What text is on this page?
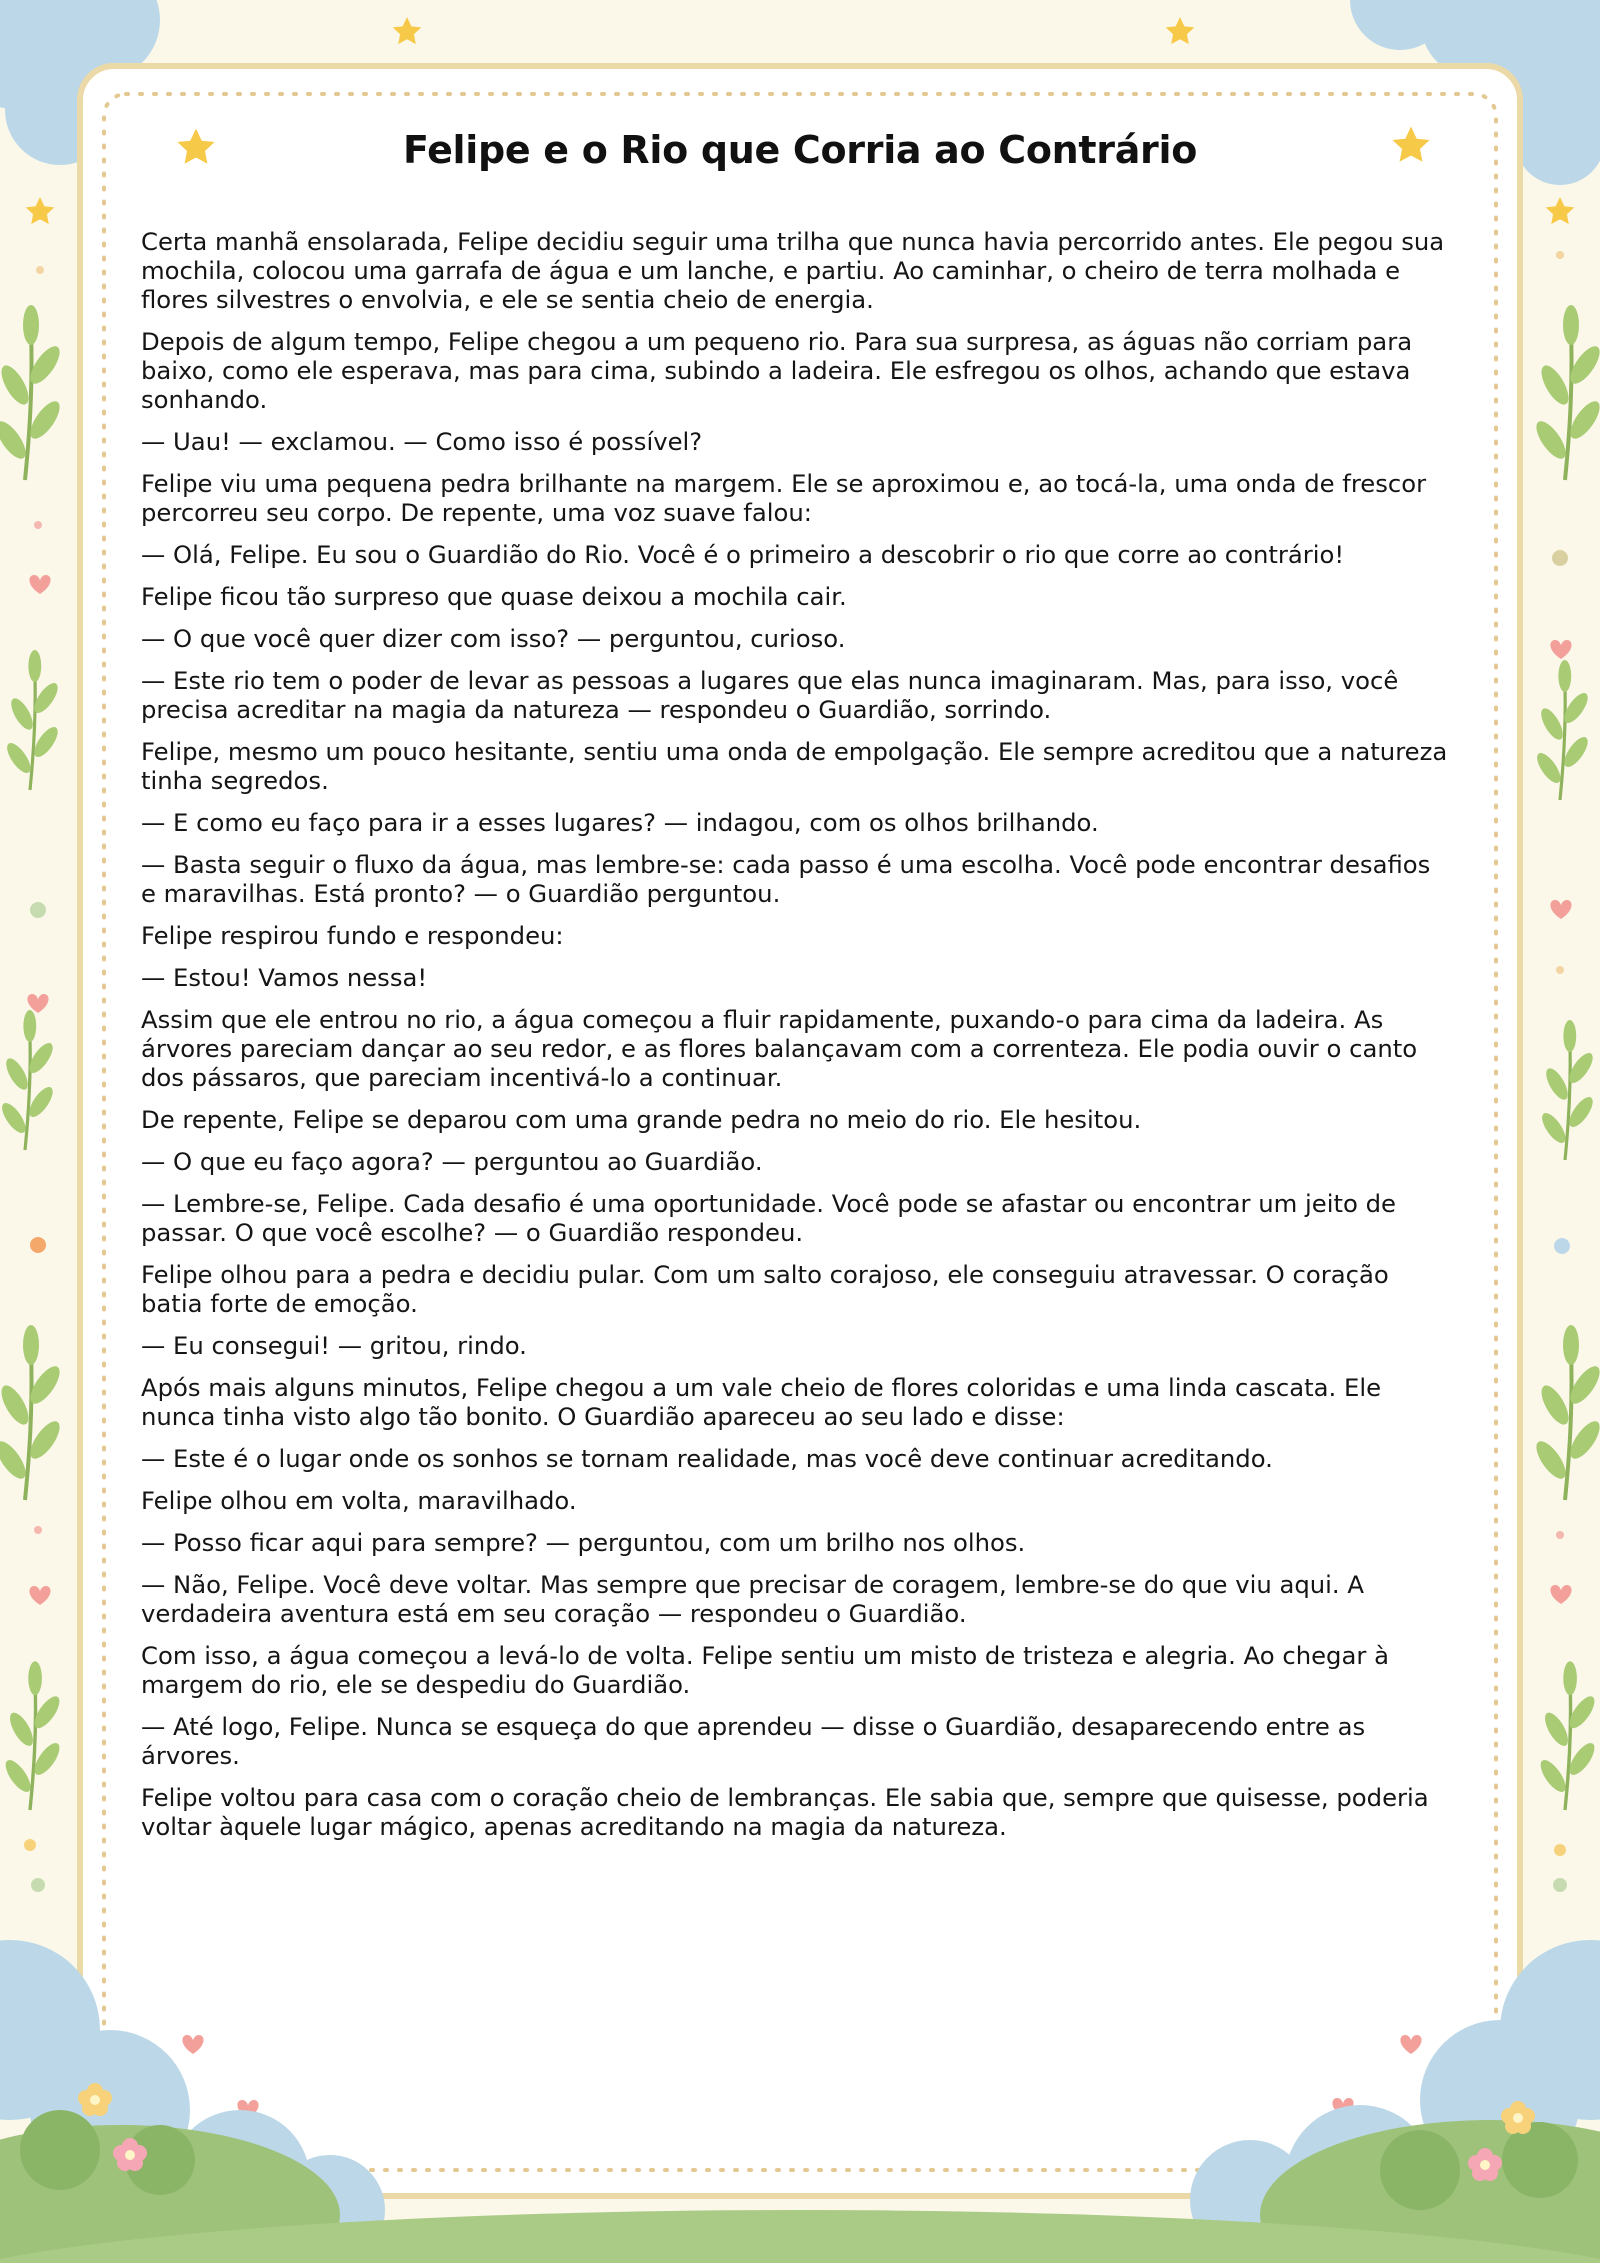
Felipe e o Rio que Corria ao Contrário

Certa manhã ensolarada, Felipe decidiu seguir uma trilha que nunca havia percorrido antes. Ele pegou sua mochila, colocou uma garrafa de água e um lanche, e partiu. Ao caminhar, o cheiro de terra molhada e flores silvestres o envolvia, e ele se sentia cheio de energia.

Depois de algum tempo, Felipe chegou a um pequeno rio. Para sua surpresa, as águas não corriam para baixo, como ele esperava, mas para cima, subindo a ladeira. Ele esfregou os olhos, achando que estava sonhando.

— Uau! — exclamou. — Como isso é possível?

Felipe viu uma pequena pedra brilhante na margem. Ele se aproximou e, ao tocá-la, uma onda de frescor percorreu seu corpo. De repente, uma voz suave falou:

— Olá, Felipe. Eu sou o Guardião do Rio. Você é o primeiro a descobrir o rio que corre ao contrário!

Felipe ficou tão surpreso que quase deixou a mochila cair.

— O que você quer dizer com isso? — perguntou, curioso.

— Este rio tem o poder de levar as pessoas a lugares que elas nunca imaginaram. Mas, para isso, você precisa acreditar na magia da natureza — respondeu o Guardião, sorrindo.

Felipe, mesmo um pouco hesitante, sentiu uma onda de empolgação. Ele sempre acreditou que a natureza tinha segredos.

— E como eu faço para ir a esses lugares? — indagou, com os olhos brilhando.

— Basta seguir o fluxo da água, mas lembre-se: cada passo é uma escolha. Você pode encontrar desafios e maravilhas. Está pronto? — o Guardião perguntou.

Felipe respirou fundo e respondeu:

— Estou! Vamos nessa!

Assim que ele entrou no rio, a água começou a fluir rapidamente, puxando-o para cima da ladeira. As árvores pareciam dançar ao seu redor, e as flores balançavam com a correnteza. Ele podia ouvir o canto dos pássaros, que pareciam incentivá-lo a continuar.

De repente, Felipe se deparou com uma grande pedra no meio do rio. Ele hesitou.

— O que eu faço agora? — perguntou ao Guardião.

— Lembre-se, Felipe. Cada desafio é uma oportunidade. Você pode se afastar ou encontrar um jeito de passar. O que você escolhe? — o Guardião respondeu.

Felipe olhou para a pedra e decidiu pular. Com um salto corajoso, ele conseguiu atravessar. O coração batia forte de emoção.

— Eu consegui! — gritou, rindo.

Após mais alguns minutos, Felipe chegou a um vale cheio de flores coloridas e uma linda cascata. Ele nunca tinha visto algo tão bonito. O Guardião apareceu ao seu lado e disse:

— Este é o lugar onde os sonhos se tornam realidade, mas você deve continuar acreditando.

Felipe olhou em volta, maravilhado.

— Posso ficar aqui para sempre? — perguntou, com um brilho nos olhos.

— Não, Felipe. Você deve voltar. Mas sempre que precisar de coragem, lembre-se do que viu aqui. A verdadeira aventura está em seu coração — respondeu o Guardião.

Com isso, a água começou a levá-lo de volta. Felipe sentiu um misto de tristeza e alegria. Ao chegar à margem do rio, ele se despediu do Guardião.

— Até logo, Felipe. Nunca se esqueça do que aprendeu — disse o Guardião, desaparecendo entre as árvores.

Felipe voltou para casa com o coração cheio de lembranças. Ele sabia que, sempre que quisesse, poderia voltar àquele lugar mágico, apenas acreditando na magia da natureza.
